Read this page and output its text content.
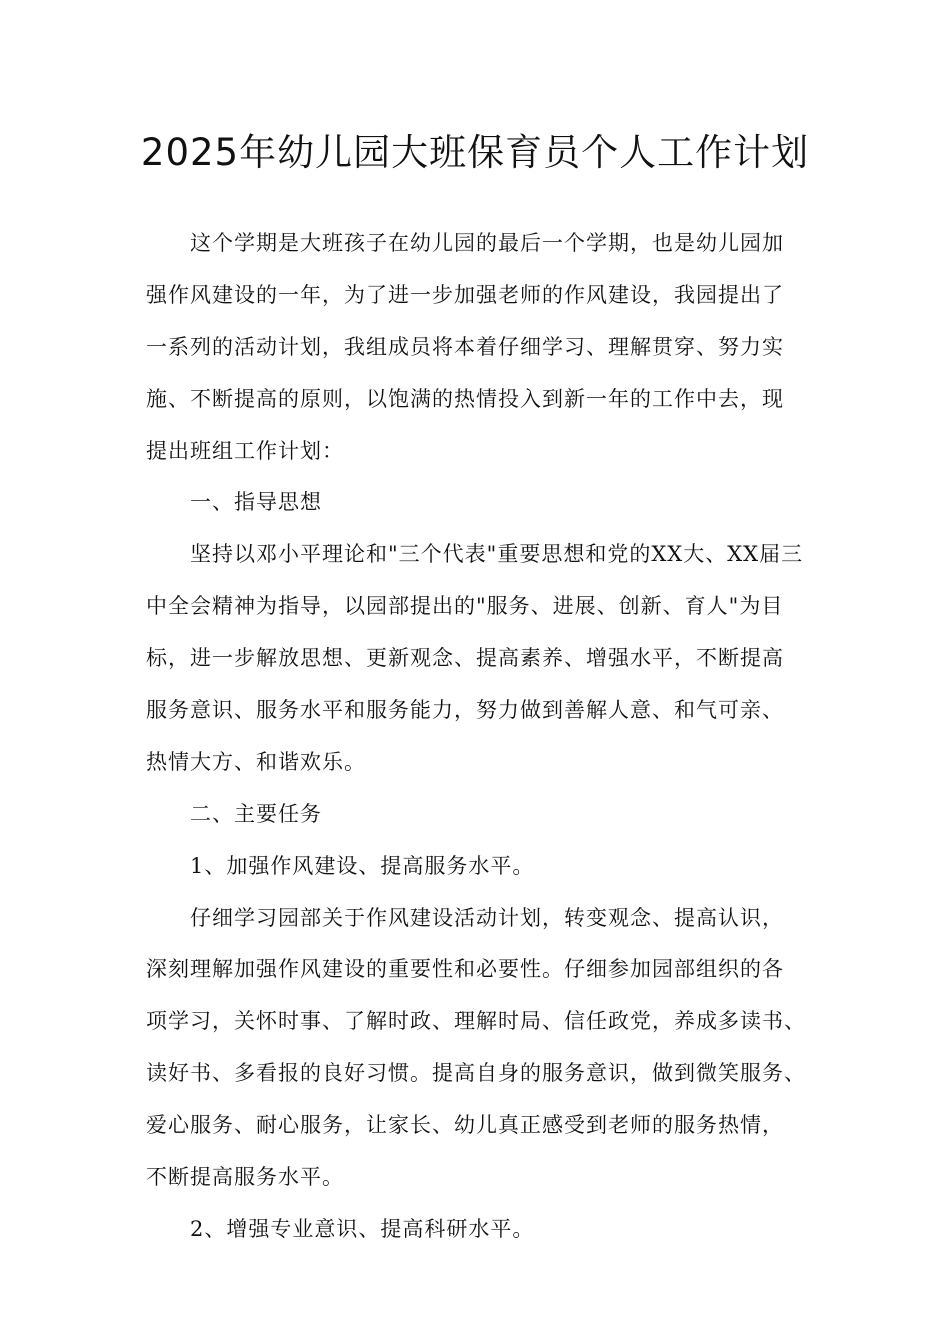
2025年幼儿园大班保育员个人工作计划
这个学期是大班孩子在幼儿园的最后一个学期，也是幼儿园加
强作风建设的一年，为了进一步加强老师的作风建设，我园提出了
一系列的活动计划，我组成员将本着仔细学习、理解贯穿、努力实
施、不断提高的原则，以饱满的热情投入到新一年的工作中去，现
提出班组工作计划：
一、指导思想
坚持以邓小平理论和"三个代表"重要思想和党的XX大、XX届三
中全会精神为指导，以园部提出的"服务、进展、创新、育人"为目
标，进一步解放思想、更新观念、提高素养、增强水平，不断提高
服务意识、服务水平和服务能力，努力做到善解人意、和气可亲、
热情大方、和谐欢乐。
二、主要任务
1、加强作风建设、提高服务水平。
仔细学习园部关于作风建设活动计划，转变观念、提高认识，
深刻理解加强作风建设的重要性和必要性。仔细参加园部组织的各
项学习，关怀时事、了解时政、理解时局、信任政党，养成多读书、
读好书、多看报的良好习惯。提高自身的服务意识，做到微笑服务、
爱心服务、耐心服务，让家长、幼儿真正感受到老师的服务热情，
不断提高服务水平。
2、增强专业意识、提高科研水平。
